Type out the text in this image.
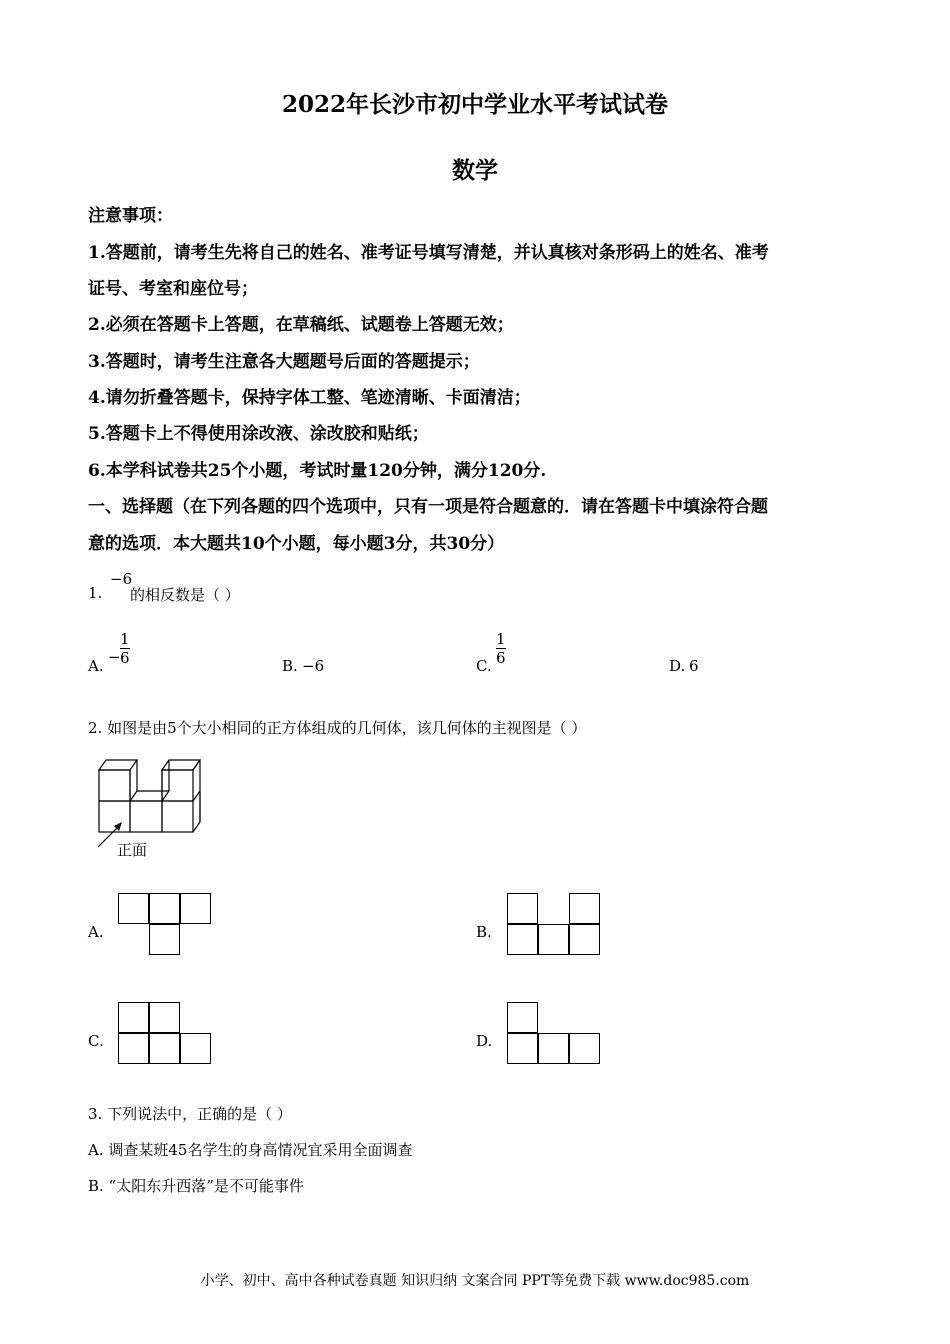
2022年长沙市初中学业水平考试试卷
数学
注意事项：
1.答题前，请考生先将自己的姓名、准考证号填写清楚，并认真核对条形码上的姓名、准考
证号、考室和座位号；
2.必须在答题卡上答题，在草稿纸、试题卷上答题无效；
3.答题时，请考生注意各大题题号后面的答题提示；
4.请勿折叠答题卡，保持字体工整、笔迹清晰、卡面清洁；
5.答题卡上不得使用涂改液、涂改胶和贴纸；
6.本学科试卷共25个小题，考试时量120分钟，满分120分.
一、选择题（在下列各题的四个选项中，只有一项是符合题意的．请在答题卡中填涂符合题
意的选项．本大题共10个小题，每小题3分，共30分）
1.
−6
的相反数是（ ）
A. −
1
6	B. −6	C.
1
6	D. 6
2. 如图是由5个大小相同的正方体组成的几何体，该几何体的主视图是（ ）
正面
A.	B.
C.	D.
3. 下列说法中，正确的是（ ）
A. 调查某班45名学生的身高情况宜采用全面调查
B. “太阳东升西落”是不可能事件
小学、初中、高中各种试卷真题 知识归纳 文案合同 PPT等免费下载 www.doc985.com
